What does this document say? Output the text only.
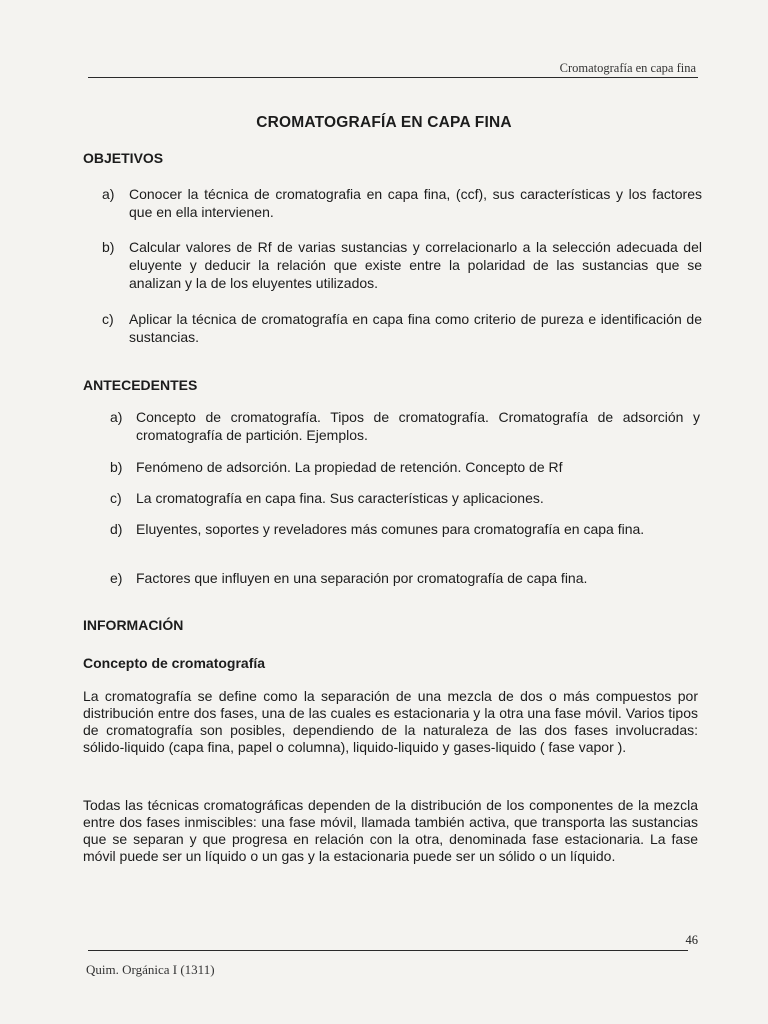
Cromatografía en capa fina
CROMATOGRAFÍA EN CAPA FINA
OBJETIVOS
a) Conocer la técnica de cromatografia en capa fina, (ccf), sus características y los factores que en ella intervienen.
b) Calcular valores de Rf de varias sustancias y correlacionarlo a la selección adecuada del eluyente y deducir la relación que existe entre la polaridad de las sustancias que se analizan y la de los eluyentes utilizados.
c) Aplicar la técnica de cromatografía en capa fina como criterio de pureza e identificación de sustancias.
ANTECEDENTES
a) Concepto de cromatografía. Tipos de cromatografía. Cromatografía de adsorción y cromatografía de partición. Ejemplos.
b) Fenómeno de adsorción. La propiedad de retención. Concepto de Rf
c) La cromatografía en capa fina. Sus características y aplicaciones.
d) Eluyentes, soportes y reveladores más comunes para cromatografía en capa fina.
e) Factores que influyen en una separación por cromatografía de capa fina.
INFORMACIÓN
Concepto de cromatografía
La cromatografía se define como la separación de una mezcla de dos o más compuestos por distribución entre dos fases, una de las cuales es estacionaria y la otra una fase móvil. Varios tipos de cromatografía son posibles, dependiendo de la naturaleza de las dos fases involucradas: sólido-liquido (capa fina, papel o columna), liquido-liquido y gases-liquido ( fase vapor ).
Todas las técnicas cromatográficas dependen de la distribución de los componentes de la mezcla entre dos fases inmiscibles: una fase móvil, llamada también activa, que transporta las sustancias que se separan y que progresa en relación con la otra, denominada fase estacionaria. La fase móvil puede ser un líquido o un gas y la estacionaria puede ser un sólido o un líquido.
46
Quim. Orgánica I (1311)
